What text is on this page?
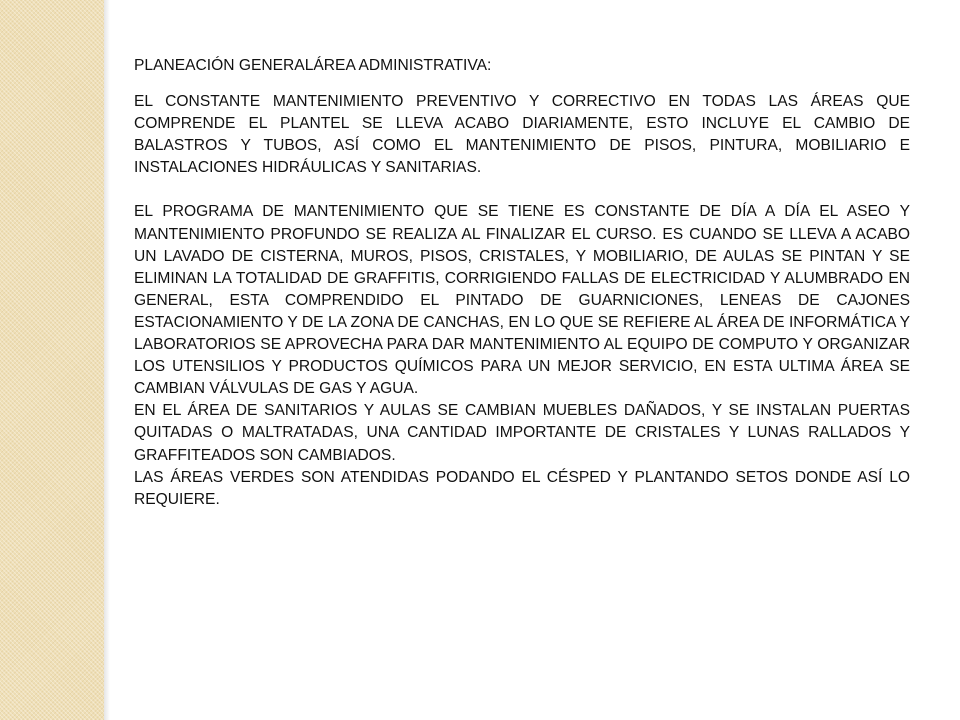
PLANEACIÓN GENERALÁREA ADMINISTRATIVA:

EL CONSTANTE MANTENIMIENTO PREVENTIVO Y CORRECTIVO EN TODAS LAS ÁREAS QUE COMPRENDE EL PLANTEL SE LLEVA ACABO DIARIAMENTE, ESTO INCLUYE EL CAMBIO DE BALASTROS Y TUBOS, ASÍ COMO EL MANTENIMIENTO DE PISOS, PINTURA, MOBILIARIO E INSTALACIONES HIDRÁULICAS Y SANITARIAS.

EL PROGRAMA DE MANTENIMIENTO QUE SE TIENE ES CONSTANTE DE DÍA A DÍA EL ASEO Y MANTENIMIENTO PROFUNDO SE REALIZA AL FINALIZAR EL CURSO. ES CUANDO SE LLEVA A ACABO UN LAVADO DE CISTERNA, MUROS, PISOS, CRISTALES, Y MOBILIARIO, DE AULAS SE PINTAN Y SE ELIMINAN LA TOTALIDAD DE GRAFFITIS, CORRIGIENDO FALLAS DE ELECTRICIDAD Y ALUMBRADO EN GENERAL, ESTA COMPRENDIDO EL PINTADO DE GUARNICIONES, LENEAS DE CAJONES ESTACIONAMIENTO Y DE LA ZONA DE CANCHAS, EN LO QUE SE REFIERE AL ÁREA DE INFORMÁTICA Y LABORATORIOS SE APROVECHA PARA DAR MANTENIMIENTO AL EQUIPO DE COMPUTO Y ORGANIZAR LOS UTENSILIOS Y PRODUCTOS QUÍMICOS PARA UN MEJOR SERVICIO, EN ESTA ULTIMA ÁREA SE CAMBIAN VÁLVULAS DE GAS Y AGUA.

EN EL ÁREA DE SANITARIOS Y AULAS SE CAMBIAN MUEBLES DAÑADOS, Y SE INSTALAN PUERTAS QUITADAS O MALTRATADAS, UNA CANTIDAD IMPORTANTE DE CRISTALES Y LUNAS RALLADOS Y GRAFFITEADOS SON CAMBIADOS.

LAS ÁREAS VERDES SON ATENDIDAS PODANDO EL CÉSPED Y PLANTANDO SETOS DONDE ASÍ LO REQUIERE.
